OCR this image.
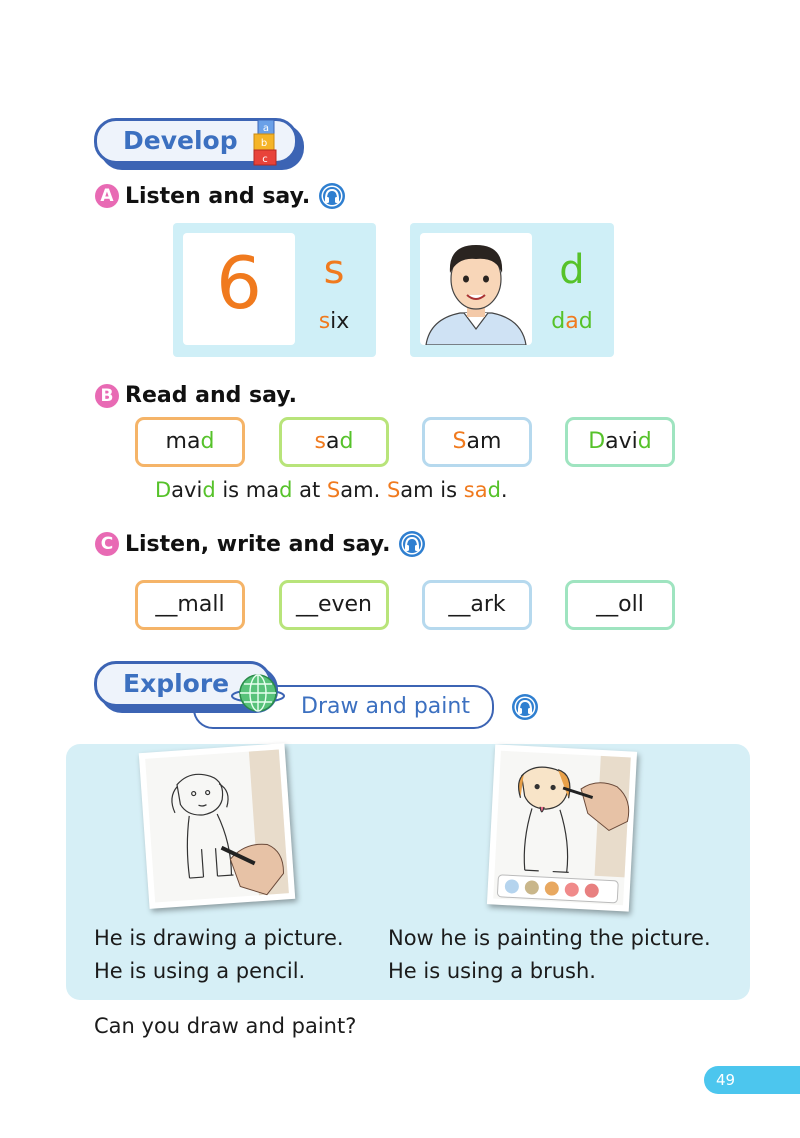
Develop	a
b
c
A Listen and say.
6	s
six
d
dad
B Read and say.
mad	sad	Sam	David
David is mad at Sam. Sam is sad.
C Listen, write and say.
__mall	__even	__ark	__oll
Draw and paint
Explore
He is drawing a picture.
He is using a pencil.
Now he is painting the picture.
He is using a brush.
Can you draw and paint?
49
